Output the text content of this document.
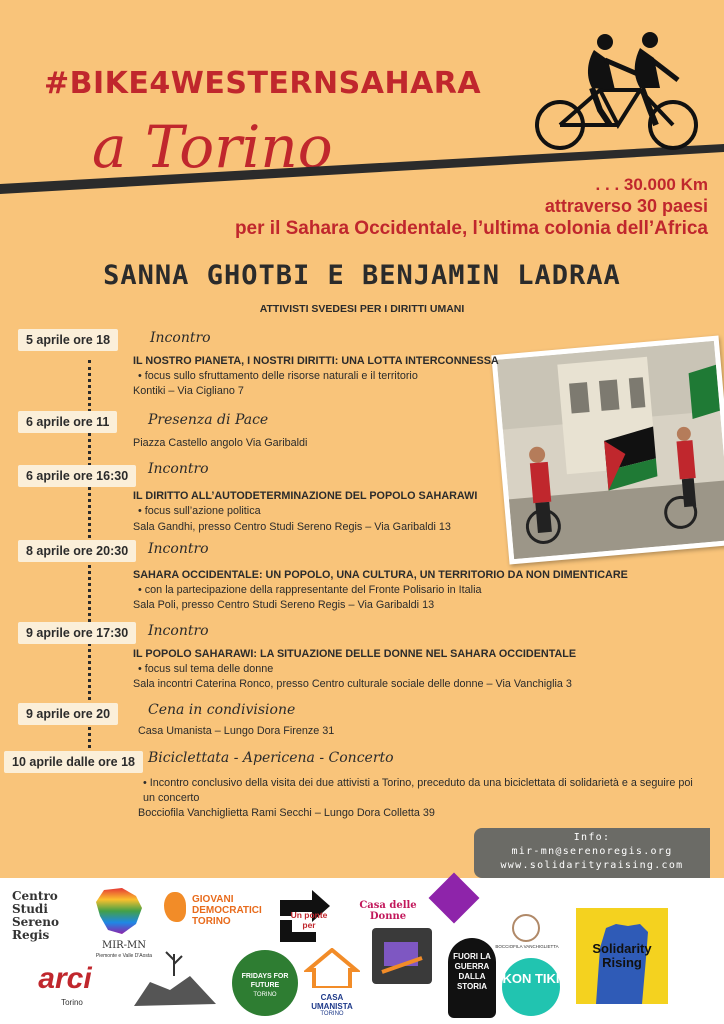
#BIKE4WESTERNSAHARA
a Torino
. . . 30.000 Km
attraverso 30 paesi
per il Sahara Occidentale, l’ultima colonia dell’Africa
SANNA GHOTBI E BENJAMIN LADRAA
ATTIVISTI SVEDESI PER I DIRITTI UMANI
5 aprile ore 18	Incontro
IL NOSTRO PIANETA, I NOSTRI DIRITTI: UNA LOTTA INTERCONNESSA
• focus sullo sfruttamento delle risorse naturali e il territorio
Kontiki – Via Cigliano 7
6 aprile ore 11	Presenza di Pace
Piazza Castello angolo Via Garibaldi
6 aprile ore 16:30	Incontro
IL DIRITTO ALL’AUTODETERMINAZIONE DEL POPOLO SAHARAWI
• focus sull’azione politica
Sala Gandhi, presso Centro Studi Sereno Regis – Via Garibaldi 13
8 aprile ore 20:30	Incontro
SAHARA OCCIDENTALE: UN POPOLO, UNA CULTURA, UN TERRITORIO DA NON DIMENTICARE
• con la partecipazione della rappresentante del Fronte Polisario in Italia
Sala Poli, presso Centro Studi Sereno Regis – Via Garibaldi 13
9 aprile ore 17:30	Incontro
IL POPOLO SAHARAWI: LA SITUAZIONE DELLE DONNE NEL SAHARA OCCIDENTALE
• focus sul tema delle donne
Sala incontri Caterina Ronco, presso Centro culturale sociale delle donne – Via Vanchiglia 3
9 aprile ore 20	Cena in condivisione
Casa Umanista – Lungo Dora Firenze 31
10 aprile dalle ore 18 Biciclettata - Apericena - Concerto
• Incontro conclusivo della visita dei due attivisti a Torino, preceduto da una biciclettata di solidarietà e a seguire poi un concerto
Bocciofila Vanchiglietta Rami Secchi – Lungo Dora Colletta 39
Info:
mir-mn@serenoregis.org
www.solidarityraising.com
Centro Studi Sereno Regis
MIR-MN
Piemonte e Valle D'Aosta
GIOVANI DEMOCRATICI TORINO
Un ponte per
Casa delle Donne
BOCCIOFILA VANCHIGLIETTA	Solidarity Rising
arci
Torino
FRIDAYS FOR FUTURE
TORINO	CASA UMANISTA
TORINO
FUORI LA GUERRA DALLA STORIA
KON TIKI
